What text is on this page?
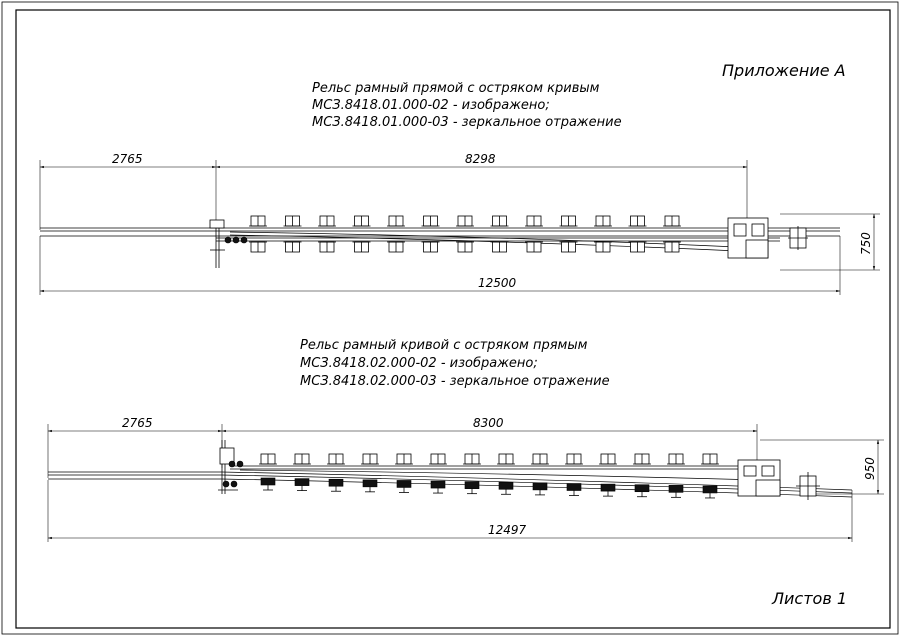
Приложение А
Листов 1
Рельс рамный прямой с остряком кривым
МСЗ.8418.01.000-02 - изображено;
МСЗ.8418.01.000-03 - зеркальное отражение
2765	8298
12500
750
Рельс рамный кривой с остряком прямым
МСЗ.8418.02.000-02 - изображено;
МСЗ.8418.02.000-03 - зеркальное отражение
2765	8300
12497
950
